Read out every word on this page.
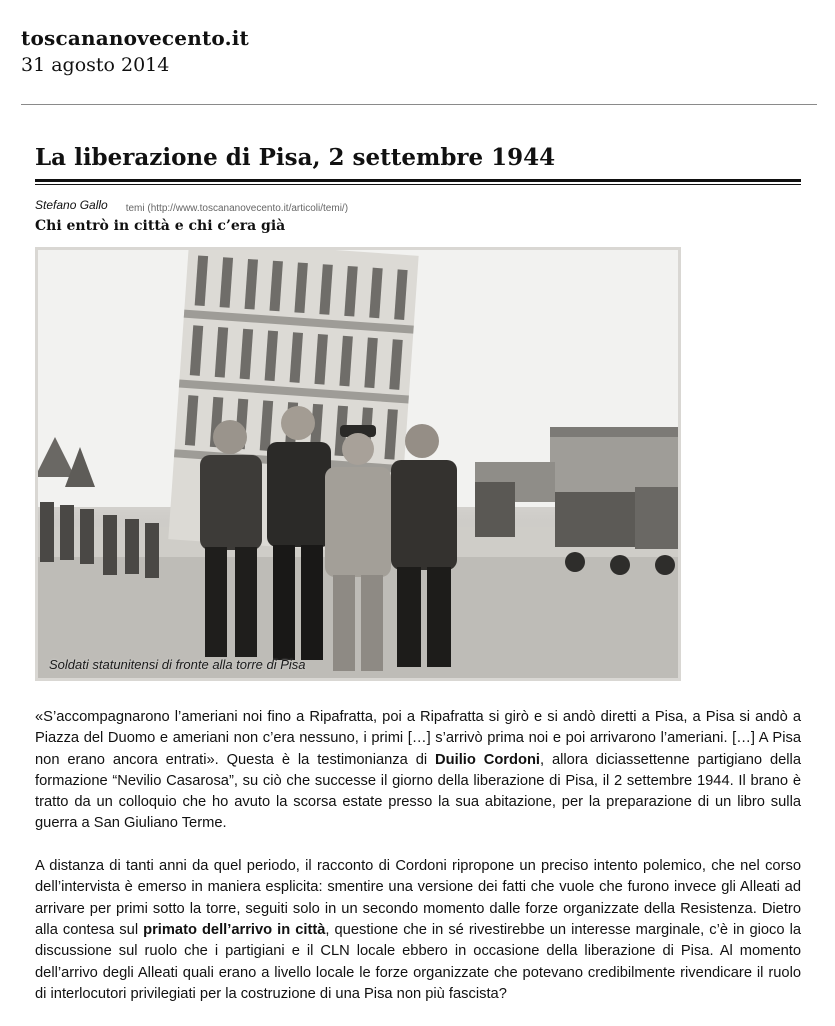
toscananovecento.it
31 agosto 2014
La liberazione di Pisa, 2 settembre 1944
Stefano Gallo temi (http://www.toscananovecento.it/articoli/temi/)
Chi entrò in città e chi c’era già
Soldati statunitensi di fronte alla torre di Pisa

«S’accompagnarono l’ameriani noi fino a Ripafratta, poi a Ripafratta si girò e si andò diretti a Pisa, a Pisa si andò a Piazza del Duomo e ameriani non c’era nessuno, i primi […] s’arrivò prima noi e poi arrivarono l’ameriani. […] A Pisa non erano ancora entrati». Questa è la testimonianza di Duilio Cordoni, allora diciassettenne partigiano della formazione “Nevilio Casarosa”, su ciò che successe il giorno della liberazione di Pisa, il 2 settembre 1944. Il brano è tratto da un colloquio che ho avuto la scorsa estate presso la sua abitazione, per la preparazione di un libro sulla guerra a San Giuliano Terme.

A distanza di tanti anni da quel periodo, il racconto di Cordoni ripropone un preciso intento polemico, che nel corso dell’intervista è emerso in maniera esplicita: smentire una versione dei fatti che vuole che furono invece gli Alleati ad arrivare per primi sotto la torre, seguiti solo in un secondo momento dalle forze organizzate della Resistenza. Dietro alla contesa sul primato dell’arrivo in città, questione che in sé rivestirebbe un interesse marginale, c’è in gioco la discussione sul ruolo che i partigiani e il CLN locale ebbero in occasione della liberazione di Pisa. Al momento dell’arrivo degli Alleati quali erano a livello locale le forze organizzate che potevano credibilmente rivendicare il ruolo di interlocutori privilegiati per la costruzione di una Pisa non più fascista?
